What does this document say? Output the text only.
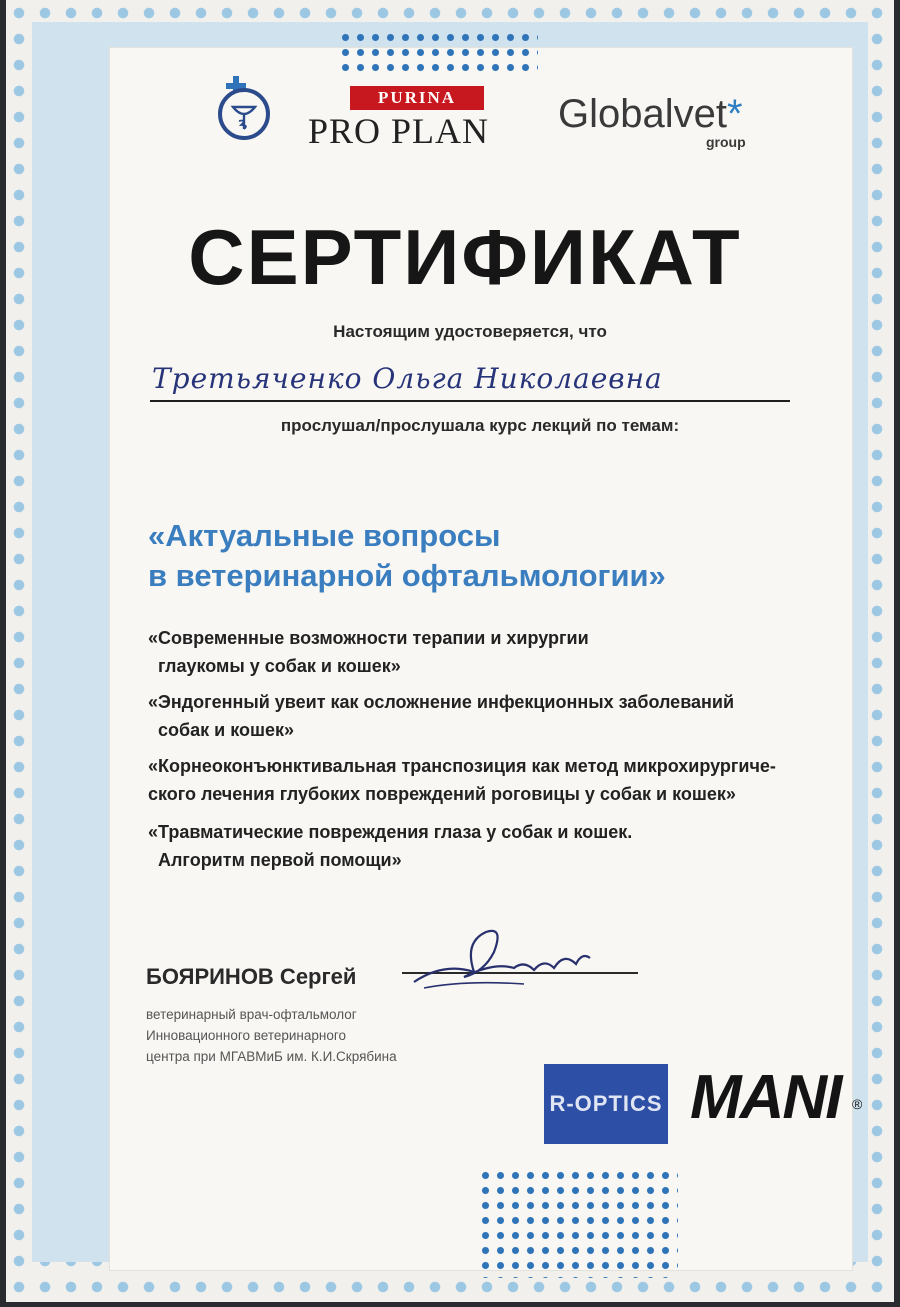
PURINA
PRO PLAN Globalvet*
group
СЕРТИФИКАТ
Настоящим удостоверяется, что
Третьяченко Ольга Николаевна
прослушал/прослушала курс лекций по темам:
«Актуальные вопросы
в ветеринарной офтальмологии»
«Современные возможности терапии и хирургии
глаукомы у собак и кошек»
«Эндогенный увеит как осложнение инфекционных заболеваний
собак и кошек»
«Корнеоконъюнктивальная транспозиция как метод микрохирургиче-
ского лечения глубоких повреждений роговицы у собак и кошек»
«Травматические повреждения глаза у собак и кошек.
Алгоритм первой помощи»
БОЯРИНОВ Сергей
ветеринарный врач-офтальмолог
Инновационного ветеринарного
центра при МГАВМиБ им. К.И.Скрябина
R-OPTICS MANI ®
